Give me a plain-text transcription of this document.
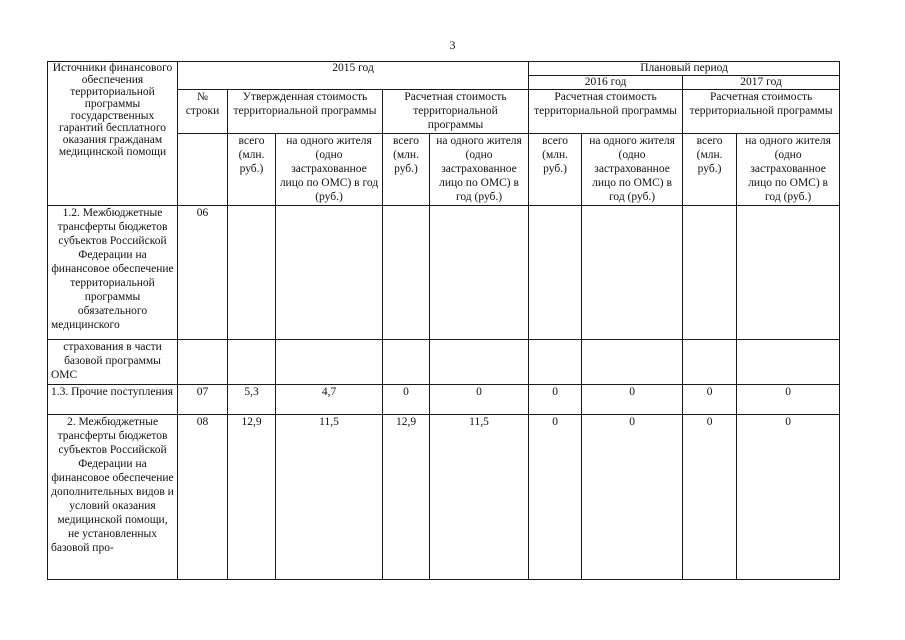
3
Источники финансового обеспечения территориальной программы государственных гарантий бесплатного оказания гражданам медицинской помощи	2015 год					Плановый период			
						2016 год		2017 год	
	№ строки	Утвержденная стоимость территориальной программы		Расчетная стоимость территориальной программы		Расчетная стоимость территориальной программы		Расчетная стоимость территориальной программы	
		всего (млн. руб.)	на одного жителя (одно застрахованное лицо по ОМС) в год (руб.)	всего (млн. руб.)	на одного жителя (одно застрахованное лицо по ОМС) в год (руб.)	всего (млн. руб.)	на одного жителя (одно застрахованное лицо по ОМС) в год (руб.)	всего (млн. руб.)	на одного жителя (одно застрахованное лицо по ОМС) в год (руб.)
1.2. Межбюджетные трансферты бюджетов субъектов Российской Федерации на финансовое обеспечение территориальной программы обязательного медицинского	06								
страхования в части базовой программы ОМС									
1.3. Прочие поступления	07	5,3	4,7	0	0	0	0	0	0
2. Межбюджетные трансферты бюджетов субъектов Российской Федерации на финансовое обеспечение дополнительных видов и условий оказания медицинской помощи, не установленных базовой про-	08	12,9	11,5	12,9	11,5	0	0	0	0
